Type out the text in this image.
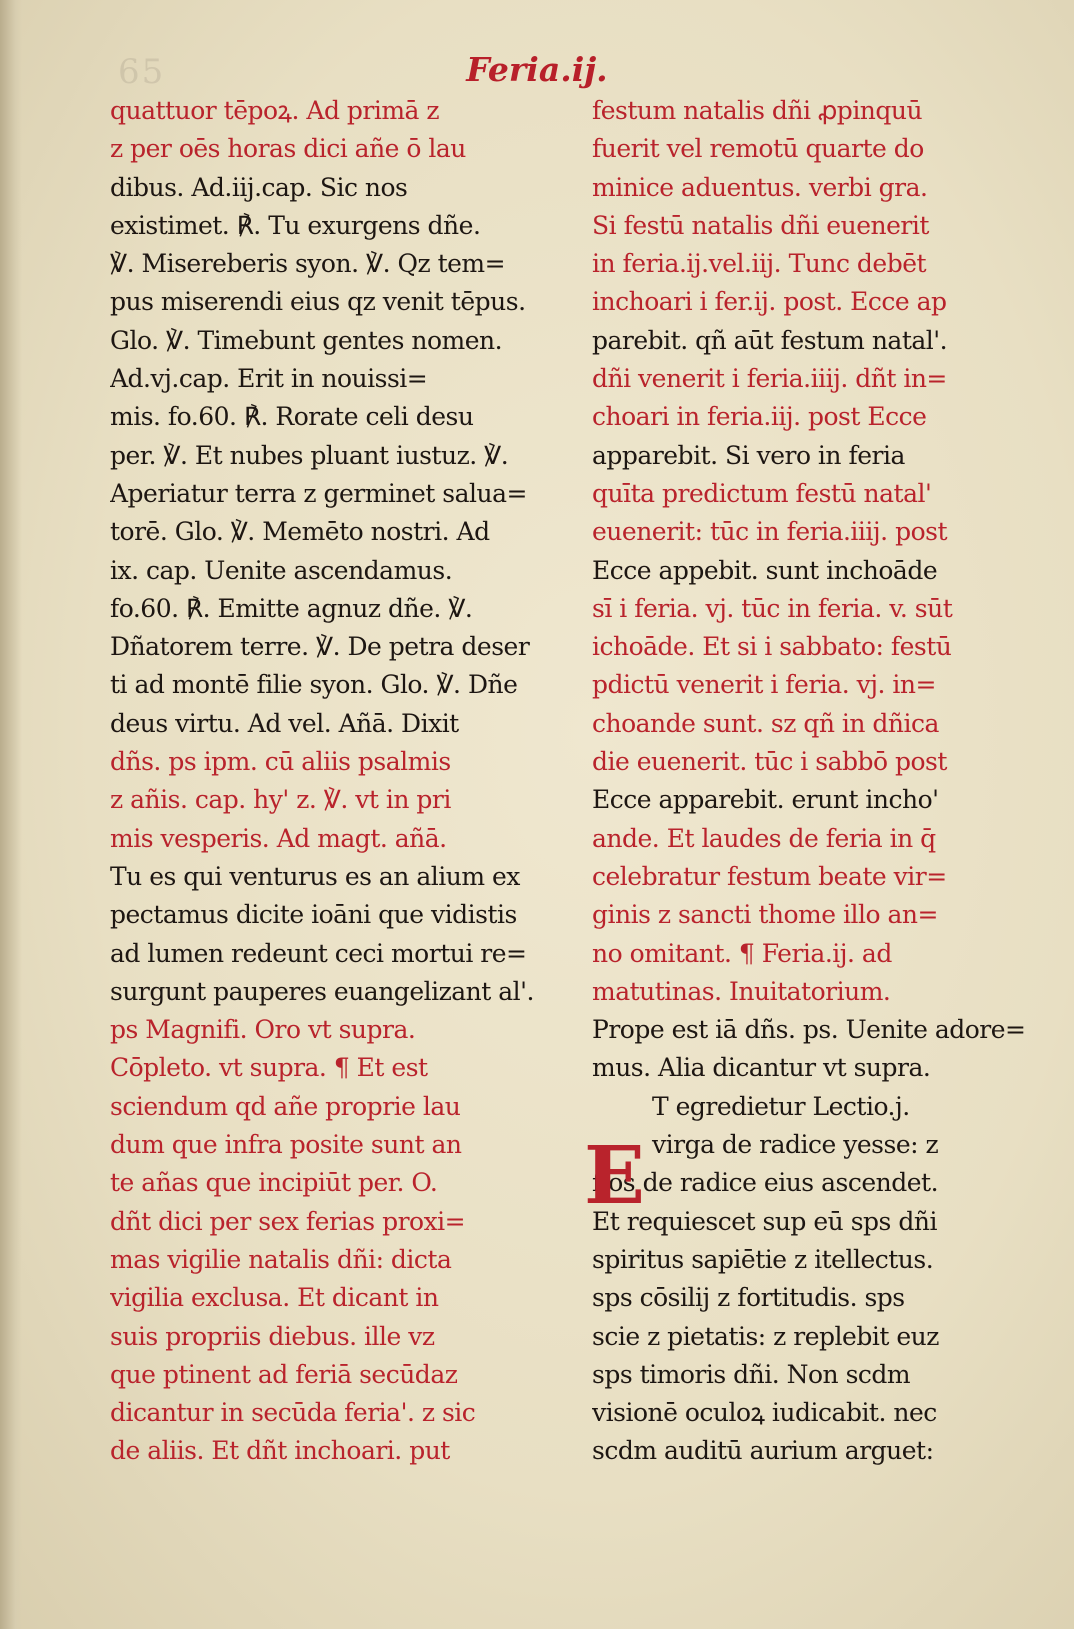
65	Feria.ij.
quattuor tēpoꝝ. Ad primā z
z per oēs horas dici añe ō lau
dibus. Ad.iij.cap. Sic nos
existimet. ℟. Tu exurgens dñe.
℣. Misereberis syon. ℣. Qz tem=
pus miserendi eius qz venit tēpus.
Glo. ℣. Timebunt gentes nomen.
Ad.vj.cap. Erit in nouissi=
mis. fo.60. ℟. Rorate celi desu
per. ℣. Et nubes pluant iustuz. ℣.
Aperiatur terra z germinet salua=
torē. Glo. ℣. Memēto nostri. Ad
ix. cap. Uenite ascendamus.
fo.60. ℟. Emitte agnuz dñe. ℣.
Dñatorem terre. ℣. De petra deser
ti ad montē filie syon. Glo. ℣. Dñe
deus virtu. Ad vel. Añā. Dixit
dñs. ps ipm. cū aliis psalmis
z añis. cap. hy' z. ℣. vt in pri
mis vesperis. Ad magt. añā.
Tu es qui venturus es an alium ex
pectamus dicite ioāni que vidistis
ad lumen redeunt ceci mortui re=
surgunt pauperes euangelizant al'.
ps Magnifi. Oro vt supra.
Cōpleto. vt supra. ¶ Et est
sciendum qd añe proprie lau
dum que infra posite sunt an
te añas que incipiūt per. O.
dñt dici per sex ferias proxi=
mas vigilie natalis dñi: dicta
vigilia exclusa. Et dicant in
suis propriis diebus. ille vz
que ptinent ad feriā secūdaz
dicantur in secūda feria'. z sic
de aliis. Et dñt inchoari. put
E
festum natalis dñi ꝓpinquū
fuerit vel remotū quarte do
minice aduentus. verbi gra.
Si festū natalis dñi euenerit
in feria.ij.vel.iij. Tunc debēt
inchoari i fer.ij. post. Ecce ap
parebit. qñ aūt festum natal'.
dñi venerit i feria.iiij. dñt in=
choari in feria.iij. post Ecce
apparebit. Si vero in feria
quīta predictum festū natal'
euenerit: tūc in feria.iiij. post
Ecce appebit. sunt inchoāde
sī i feria. vj. tūc in feria. v. sūt
ichoāde. Et si i sabbato: festū
pdictū venerit i feria. vj. in=
choande sunt. sz qñ in dñica
die euenerit. tūc i sabbō post
Ecce apparebit. erunt incho'
ande. Et laudes de feria in q̄
celebratur festum beate vir=
ginis z sancti thome illo an=
no omitant. ¶ Feria.ij. ad
matutinas. Inuitatorium.
Prope est iā dñs. ps. Uenite adore=
mus. Alia dicantur vt supra.
T egredietur Lectio.j.
virga de radice yesse: z
flos de radice eius ascendet.
Et requiescet sup eū sps dñi
spiritus sapiētie z itellectus.
sps cōsilij z fortitudis. sps
scie z pietatis: z replebit euz
sps timoris dñi. Non scdm
visionē oculoꝝ iudicabit. nec
scdm auditū aurium arguet:
